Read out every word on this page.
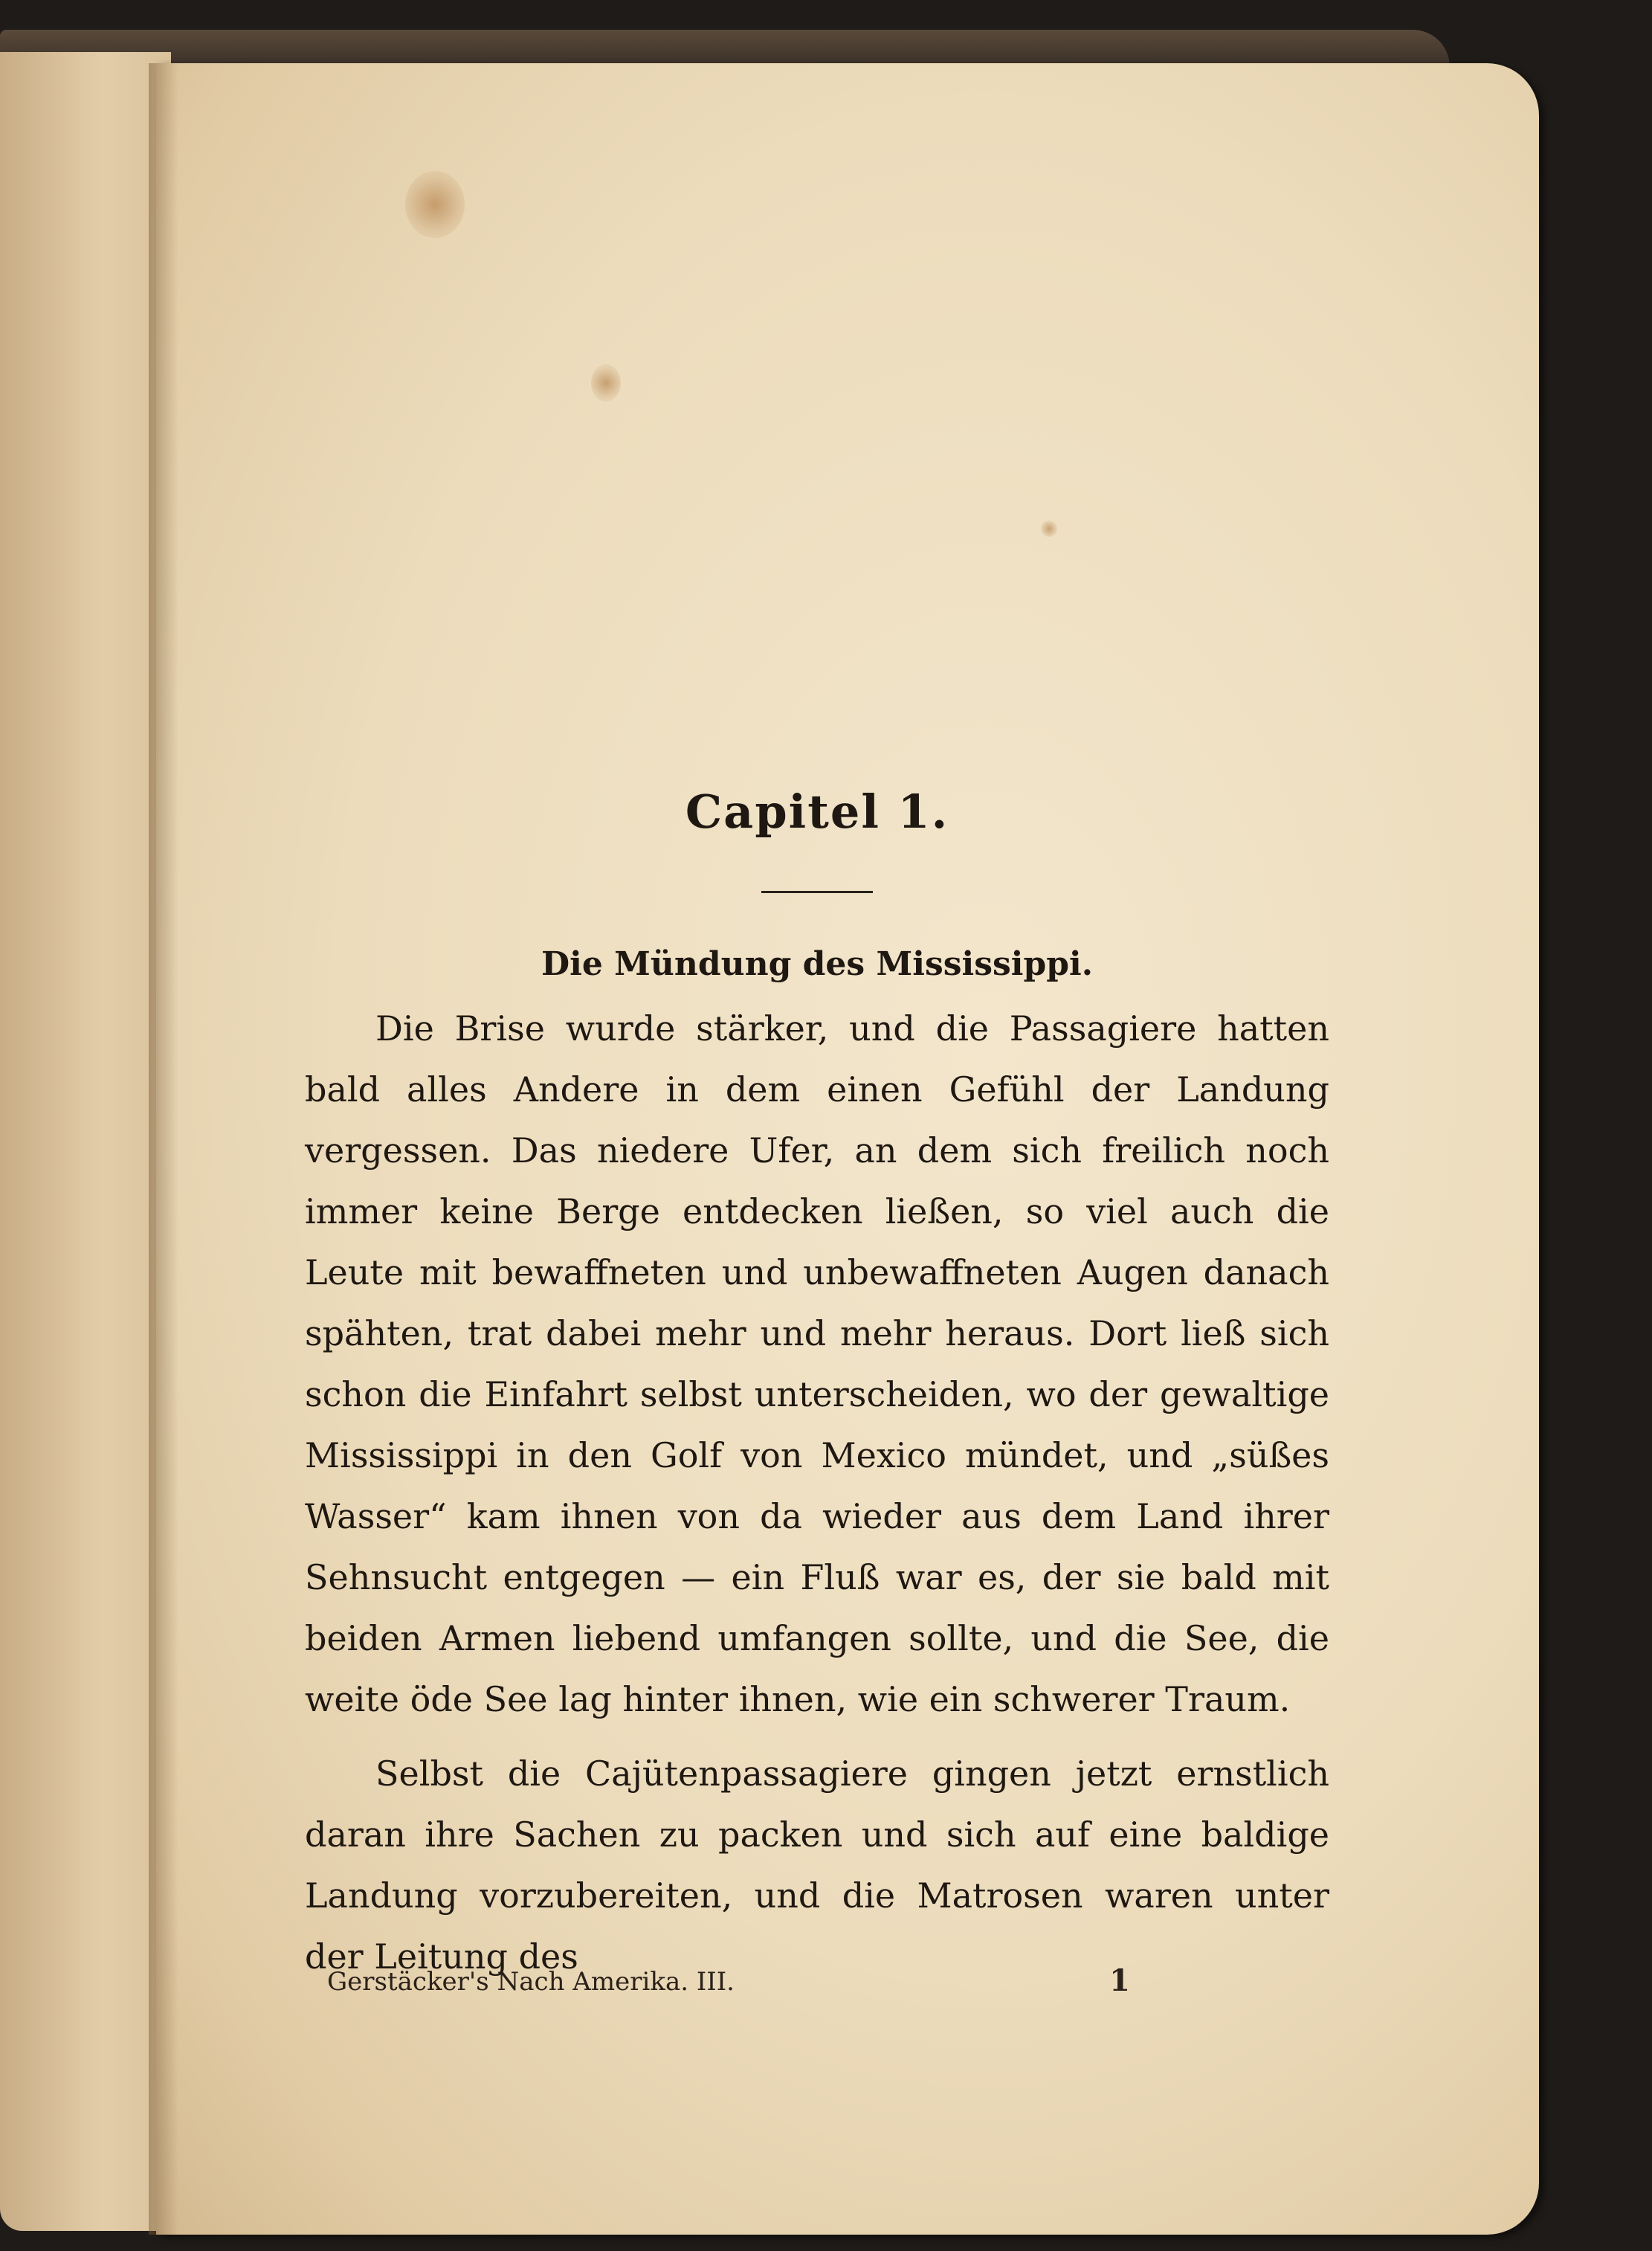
Capitel 1.
Die Mündung des Mississippi.

Die Brise wurde stärker, und die Passagiere hatten bald alles Andere in dem einen Gefühl der Landung vergessen. Das niedere Ufer, an dem sich freilich noch immer keine Berge entdecken ließen, so viel auch die Leute mit bewaffneten und unbewaffneten Augen danach spähten, trat dabei mehr und mehr heraus. Dort ließ sich schon die Einfahrt selbst unterscheiden, wo der gewaltige Mississippi in den Golf von Mexico mündet, und „süßes Wasser“ kam ihnen von da wieder aus dem Land ihrer Sehnsucht entgegen — ein Fluß war es, der sie bald mit beiden Armen liebend umfangen sollte, und die See, die weite öde See lag hinter ihnen, wie ein schwerer Traum.

Selbst die Cajütenpassagiere gingen jetzt ernstlich daran ihre Sachen zu packen und sich auf eine baldige Landung vorzubereiten, und die Matrosen waren unter der Leitung des

Gerstäcker's Nach Amerika. III.	1
